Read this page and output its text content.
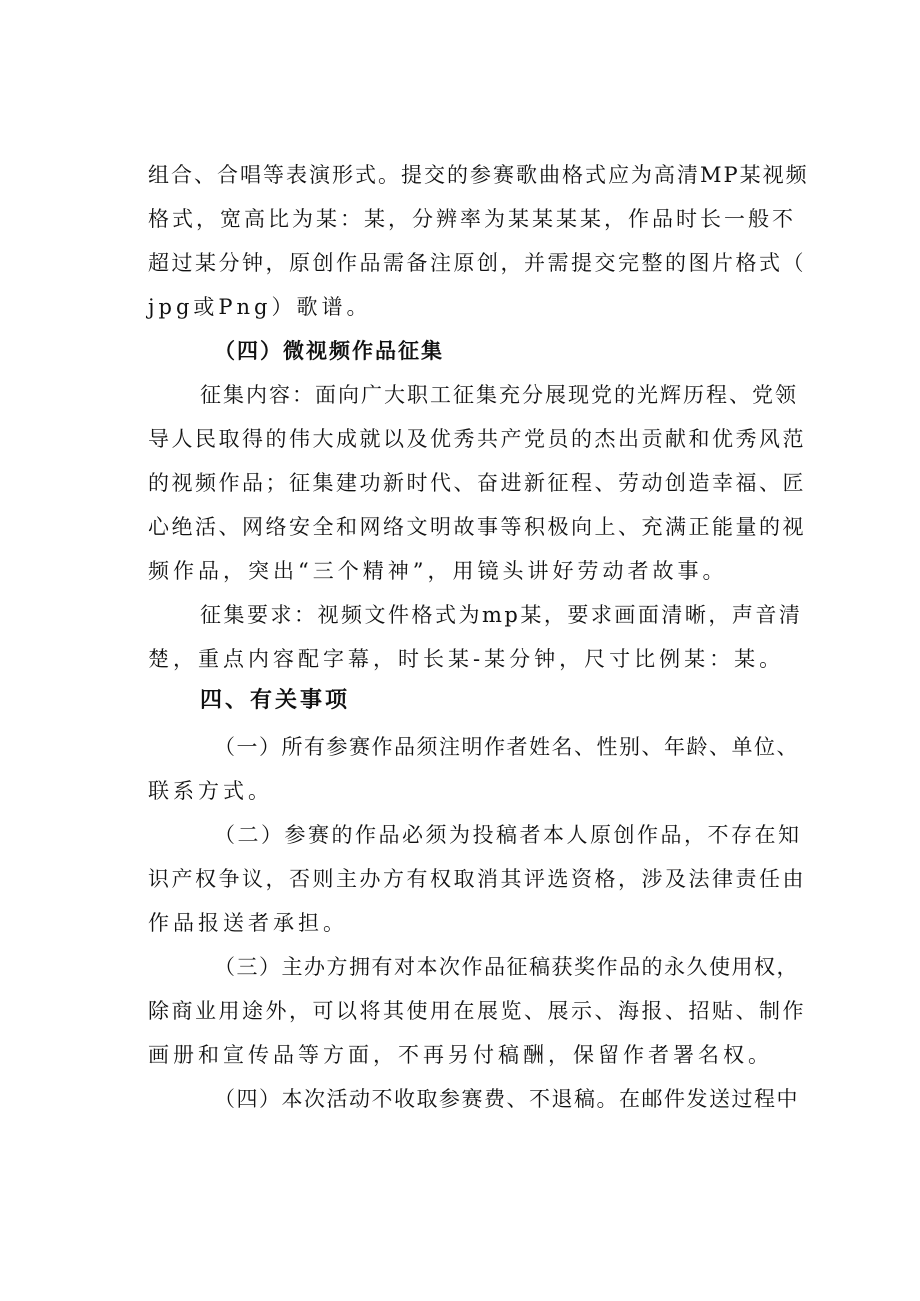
组合、合唱等表演形式。提交的参赛歌曲格式应为高清MP某视频
格式，宽高比为某：某，分辨率为某某某某，作品时长一般不
超过某分钟，原创作品需备注原创，并需提交完整的图片格式（
jpg或Png）歌谱。
（四）微视频作品征集
征集内容：面向广大职工征集充分展现党的光辉历程、党领
导人民取得的伟大成就以及优秀共产党员的杰出贡献和优秀风范
的视频作品；征集建功新时代、奋进新征程、劳动创造幸福、匠
心绝活、网络安全和网络文明故事等积极向上、充满正能量的视
频作品，突出“三个精神”，用镜头讲好劳动者故事。
征集要求：视频文件格式为mp某，要求画面清晰，声音清
楚，重点内容配字幕，时长某-某分钟，尺寸比例某：某。
四、有关事项
（一）所有参赛作品须注明作者姓名、性别、年龄、单位、
联系方式。
（二）参赛的作品必须为投稿者本人原创作品，不存在知
识产权争议，否则主办方有权取消其评选资格，涉及法律责任由
作品报送者承担。
（三）主办方拥有对本次作品征稿获奖作品的永久使用权，
除商业用途外，可以将其使用在展览、展示、海报、招贴、制作
画册和宣传品等方面，不再另付稿酬，保留作者署名权。
（四）本次活动不收取参赛费、不退稿。在邮件发送过程中
